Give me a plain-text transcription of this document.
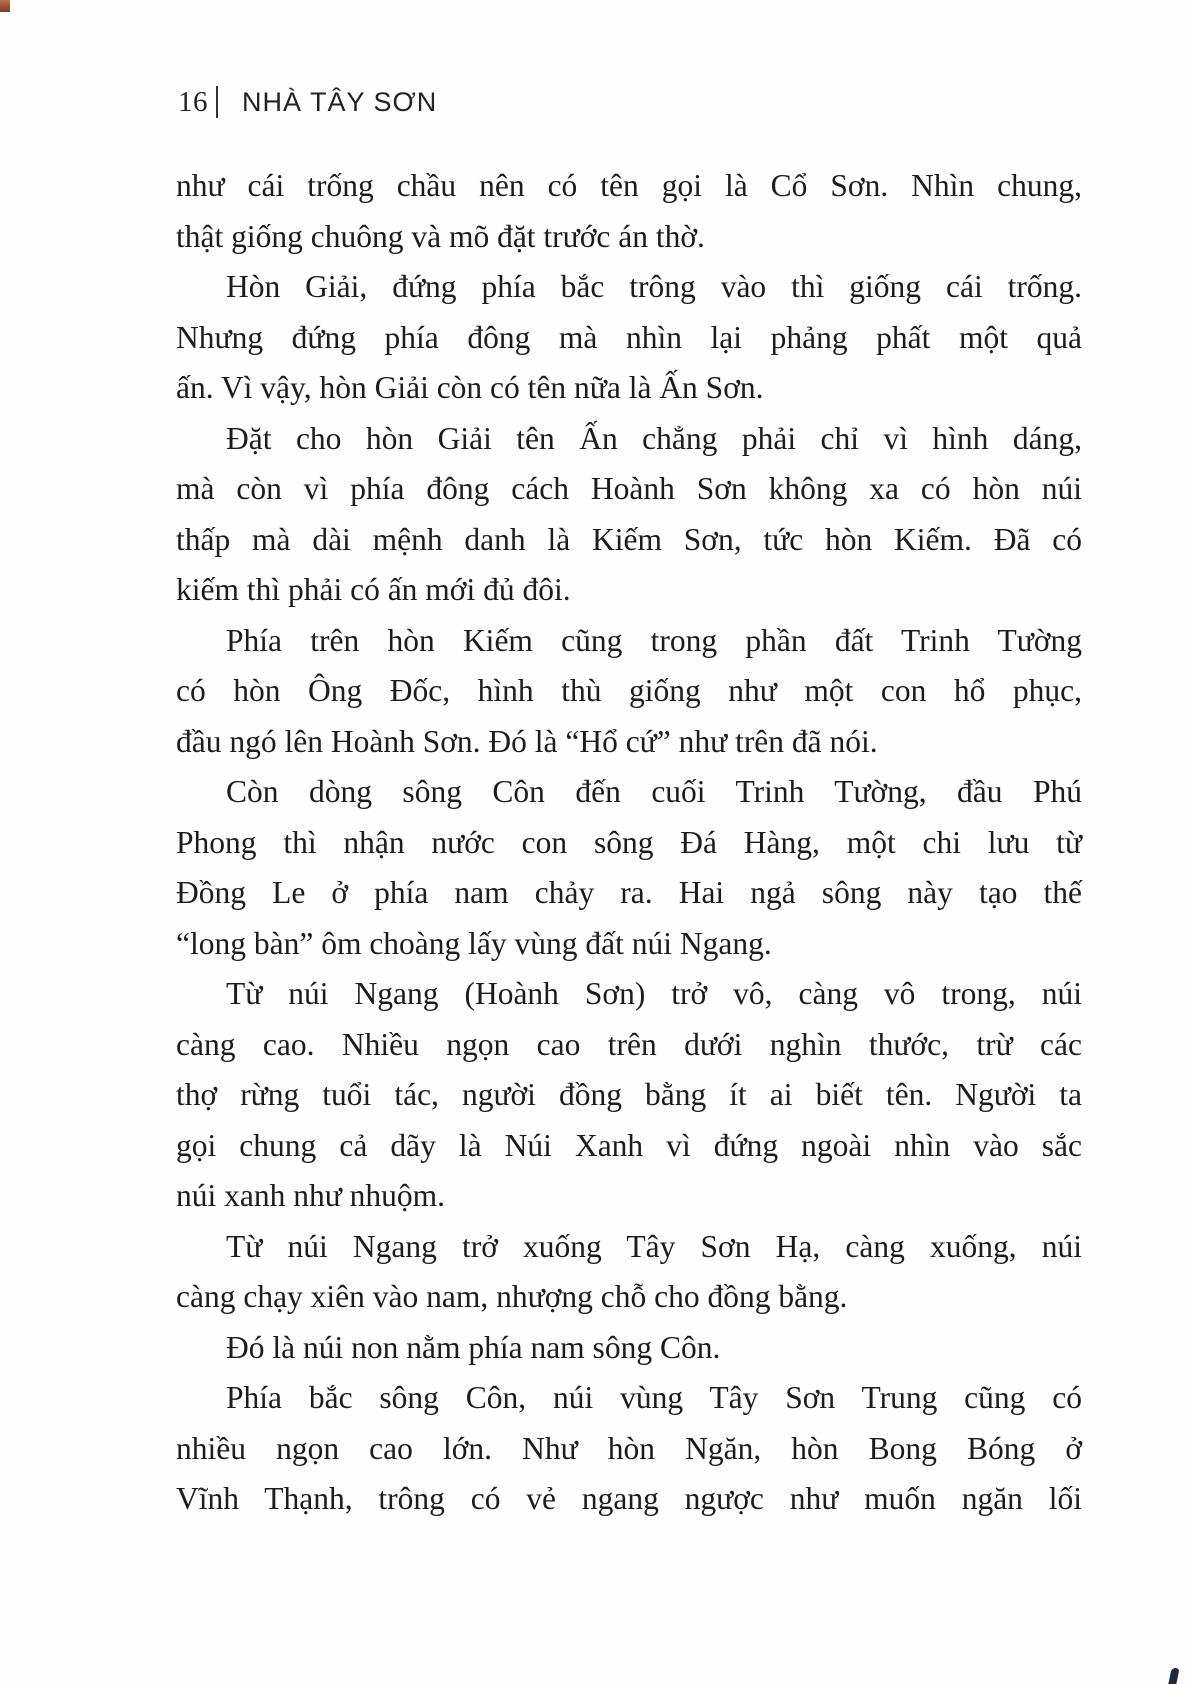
16 NHÀ TÂY SƠN
như cái trống chầu nên có tên gọi là Cổ Sơn. Nhìn chung,
thật giống chuông và mõ đặt trước án thờ.
Hòn Giải, đứng phía bắc trông vào thì giống cái trống.
Nhưng đứng phía đông mà nhìn lại phảng phất một quả
ấn. Vì vậy, hòn Giải còn có tên nữa là Ấn Sơn.
Đặt cho hòn Giải tên Ấn chẳng phải chỉ vì hình dáng,
mà còn vì phía đông cách Hoành Sơn không xa có hòn núi
thấp mà dài mệnh danh là Kiếm Sơn, tức hòn Kiếm. Đã có
kiếm thì phải có ấn mới đủ đôi.
Phía trên hòn Kiếm cũng trong phần đất Trinh Tường
có hòn Ông Đốc, hình thù giống như một con hổ phục,
đầu ngó lên Hoành Sơn. Đó là “Hổ cứ” như trên đã nói.
Còn dòng sông Côn đến cuối Trinh Tường, đầu Phú
Phong thì nhận nước con sông Đá Hàng, một chi lưu từ
Đồng Le ở phía nam chảy ra. Hai ngả sông này tạo thế
“long bàn” ôm choàng lấy vùng đất núi Ngang.
Từ núi Ngang (Hoành Sơn) trở vô, càng vô trong, núi
càng cao. Nhiều ngọn cao trên dưới nghìn thước, trừ các
thợ rừng tuổi tác, người đồng bằng ít ai biết tên. Người ta
gọi chung cả dãy là Núi Xanh vì đứng ngoài nhìn vào sắc
núi xanh như nhuộm.
Từ núi Ngang trở xuống Tây Sơn Hạ, càng xuống, núi
càng chạy xiên vào nam, nhượng chỗ cho đồng bằng.
Đó là núi non nằm phía nam sông Côn.
Phía bắc sông Côn, núi vùng Tây Sơn Trung cũng có
nhiều ngọn cao lớn. Như hòn Ngăn, hòn Bong Bóng ở
Vĩnh Thạnh, trông có vẻ ngang ngược như muốn ngăn lối
